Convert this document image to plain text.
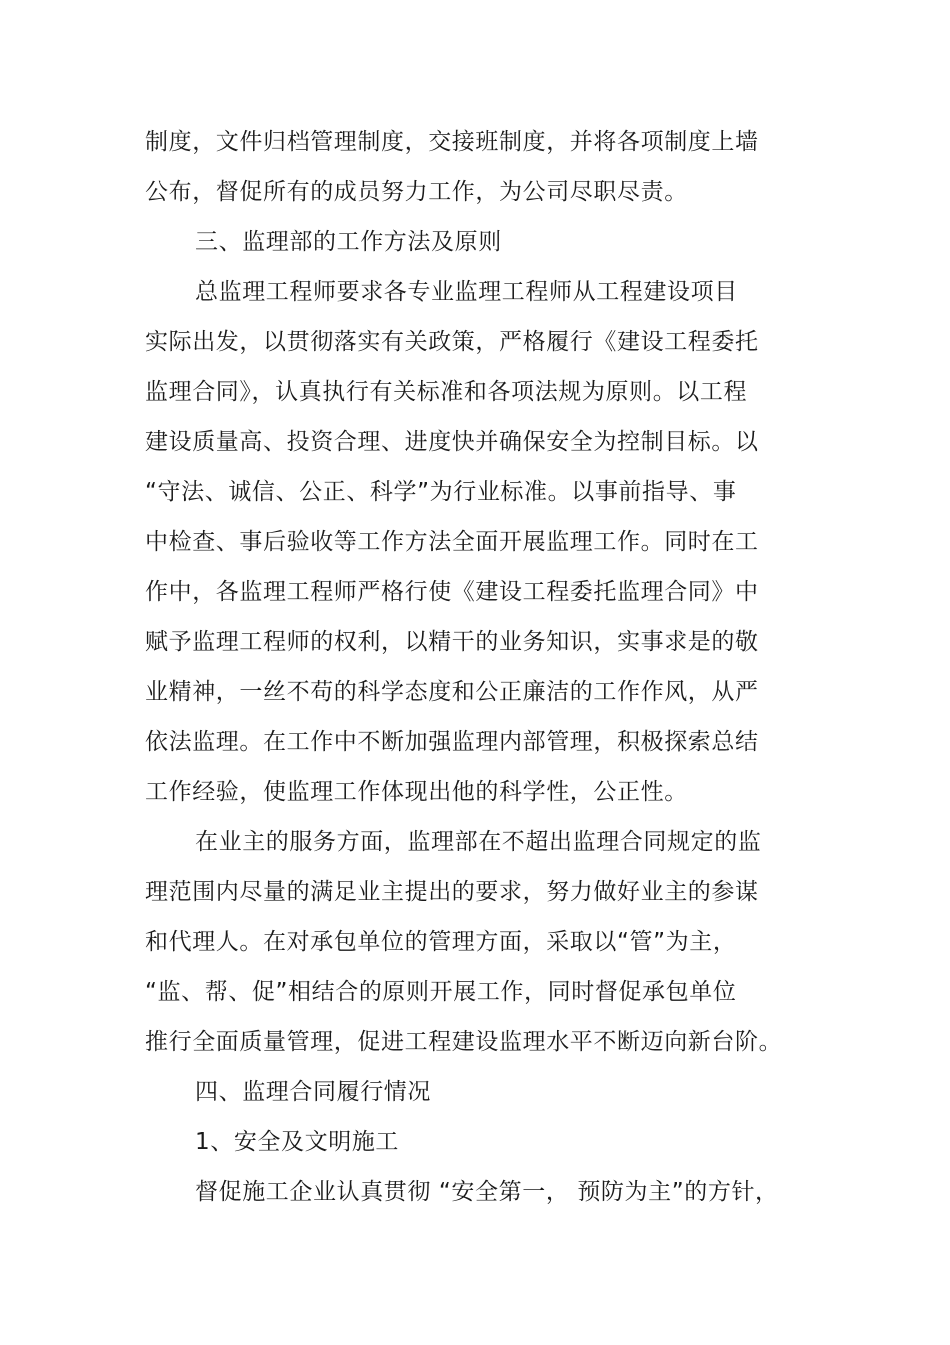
制度，文件归档管理制度，交接班制度，并将各项制度上墙
公布，督促所有的成员努力工作，为公司尽职尽责。
三、监理部的工作方法及原则
总监理工程师要求各专业监理工程师从工程建设项目
实际出发，以贯彻落实有关政策，严格履行《建设工程委托
监理合同》，认真执行有关标准和各项法规为原则。以工程
建设质量高、投资合理、进度快并确保安全为控制目标。以
“守法、诚信、公正、科学”为行业标准。以事前指导、事
中检查、事后验收等工作方法全面开展监理工作。同时在工
作中，各监理工程师严格行使《建设工程委托监理合同》中
赋予监理工程师的权利，以精干的业务知识，实事求是的敬
业精神，一丝不苟的科学态度和公正廉洁的工作作风，从严
依法监理。在工作中不断加强监理内部管理，积极探索总结
工作经验，使监理工作体现出他的科学性，公正性。
在业主的服务方面，监理部在不超出监理合同规定的监
理范围内尽量的满足业主提出的要求，努力做好业主的参谋
和代理人。在对承包单位的管理方面，采取以“管”为主，
“监、帮、促”相结合的原则开展工作，同时督促承包单位
推行全面质量管理，促进工程建设监理水平不断迈向新台阶。
四、监理合同履行情况
1、安全及文明施工
督促施工企业认真贯彻 “安全第一， 预防为主”的方针，
